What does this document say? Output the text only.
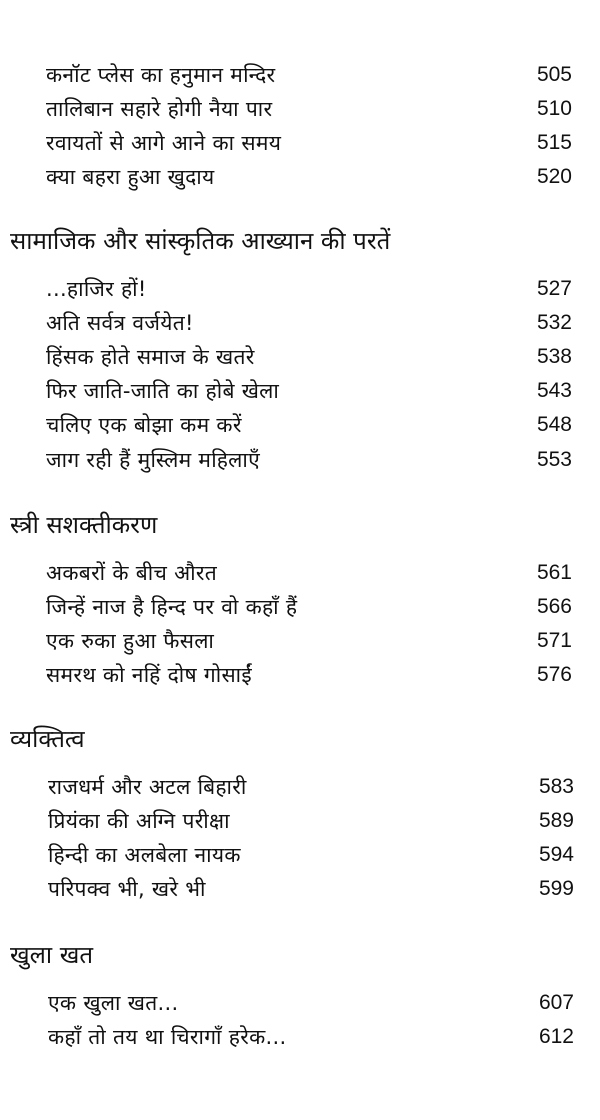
कनॉट प्लेस का हनुमान मन्दिर	505
तालिबान सहारे होगी नैया पार	510
रवायतों से आगे आने का समय	515
क्या बहरा हुआ खुदाय	520
सामाजिक और सांस्कृतिक आख्यान की परतें
...हाजिर हों!	527
अति सर्वत्र वर्जयेत!	532
हिंसक होते समाज के खतरे	538
फिर जाति-जाति का होबे खेला	543
चलिए एक बोझा कम करें	548
जाग रही हैं मुस्लिम महिलाएँ	553
स्त्री सशक्तीकरण
अकबरों के बीच औरत	561
जिन्हें नाज है हिन्द पर वो कहाँ हैं	566
एक रुका हुआ फैसला	571
समरथ को नहिं दोष गोसाईं	576
व्यक्तित्व
राजधर्म और अटल बिहारी	583
प्रियंका की अग्नि परीक्षा	589
हिन्दी का अलबेला नायक	594
परिपक्व भी, खरे भी	599
खुला खत
एक खुला खत...	607
कहाँ तो तय था चिरागाँ हरेक...	612
